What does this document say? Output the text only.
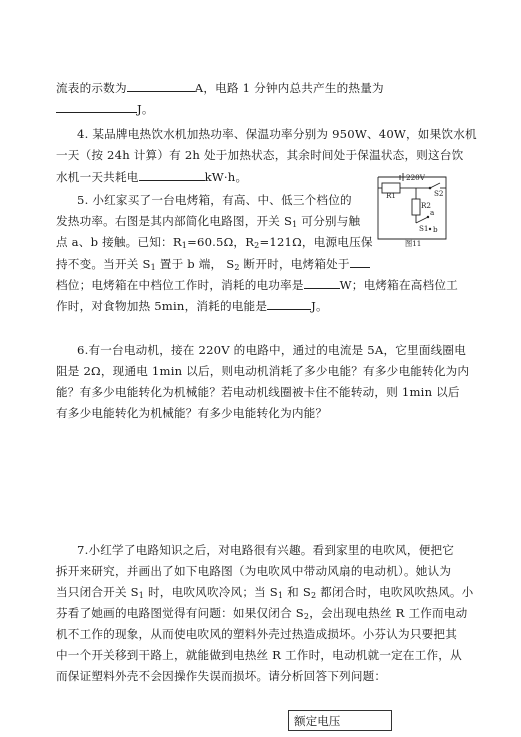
流表的示数为	A，电路 1 分钟内总共产生的热量为
J。
4. 某品牌电热饮水机加热功率、保温功率分别为 950W、40W，如果饮水机
一天（按 24h 计算）有 2h 处于加热状态，其余时间处于保温状态，则这台饮
水机一天共耗电	kW·h。
5. 小红家买了一台电烤箱，有高、中、低三个档位的
发热功率。右图是其内部简化电路图，开关 $S_1$ 可分别与触
点 a、b 接触。已知：$R_1=60.5\Omega$，$R_2=121\Omega$，电源电压保
持不变。当开关 $S_1$ 置于 b 端， $S_2$ 断开时，电烤箱处于
档位；电烤箱在中档位工作时，消耗的电功率是	W；电烤箱在高档位工
作时，对食物加热 5min，消耗的电能是	J。
220V
R1
R2
S2
S1
a
b
图11
6.有一台电动机，接在 220V 的电路中，通过的电流是 5A，它里面线圈电
阻是 2Ω，现通电 1min 以后，则电动机消耗了多少电能？有多少电能转化为内
能？有多少电能转化为机械能？若电动机线圈被卡住不能转动，则 1min 以后
有多少电能转化为机械能？有多少电能转化为内能？
7.小红学了电路知识之后，对电路很有兴趣。看到家里的电吹风，便把它
拆开来研究，并画出了如下电路图（为电吹风中带动风扇的电动机）。她认为
当只闭合开关 $S_1$ 时，电吹风吹冷风；当 $S_1$ 和 $S_2$ 都闭合时，电吹风吹热风。小
芬看了她画的电路图觉得有问题：如果仅闭合 $S_2$，会出现电热丝 R 工作而电动
机不工作的现象，从而使电吹风的塑料外壳过热造成损坏。小芬认为只要把其
中一个开关移到干路上，就能做到电热丝 R 工作时，电动机就一定在工作，从
而保证塑料外壳不会因操作失误而损坏。请分析回答下列问题：
额定电压
